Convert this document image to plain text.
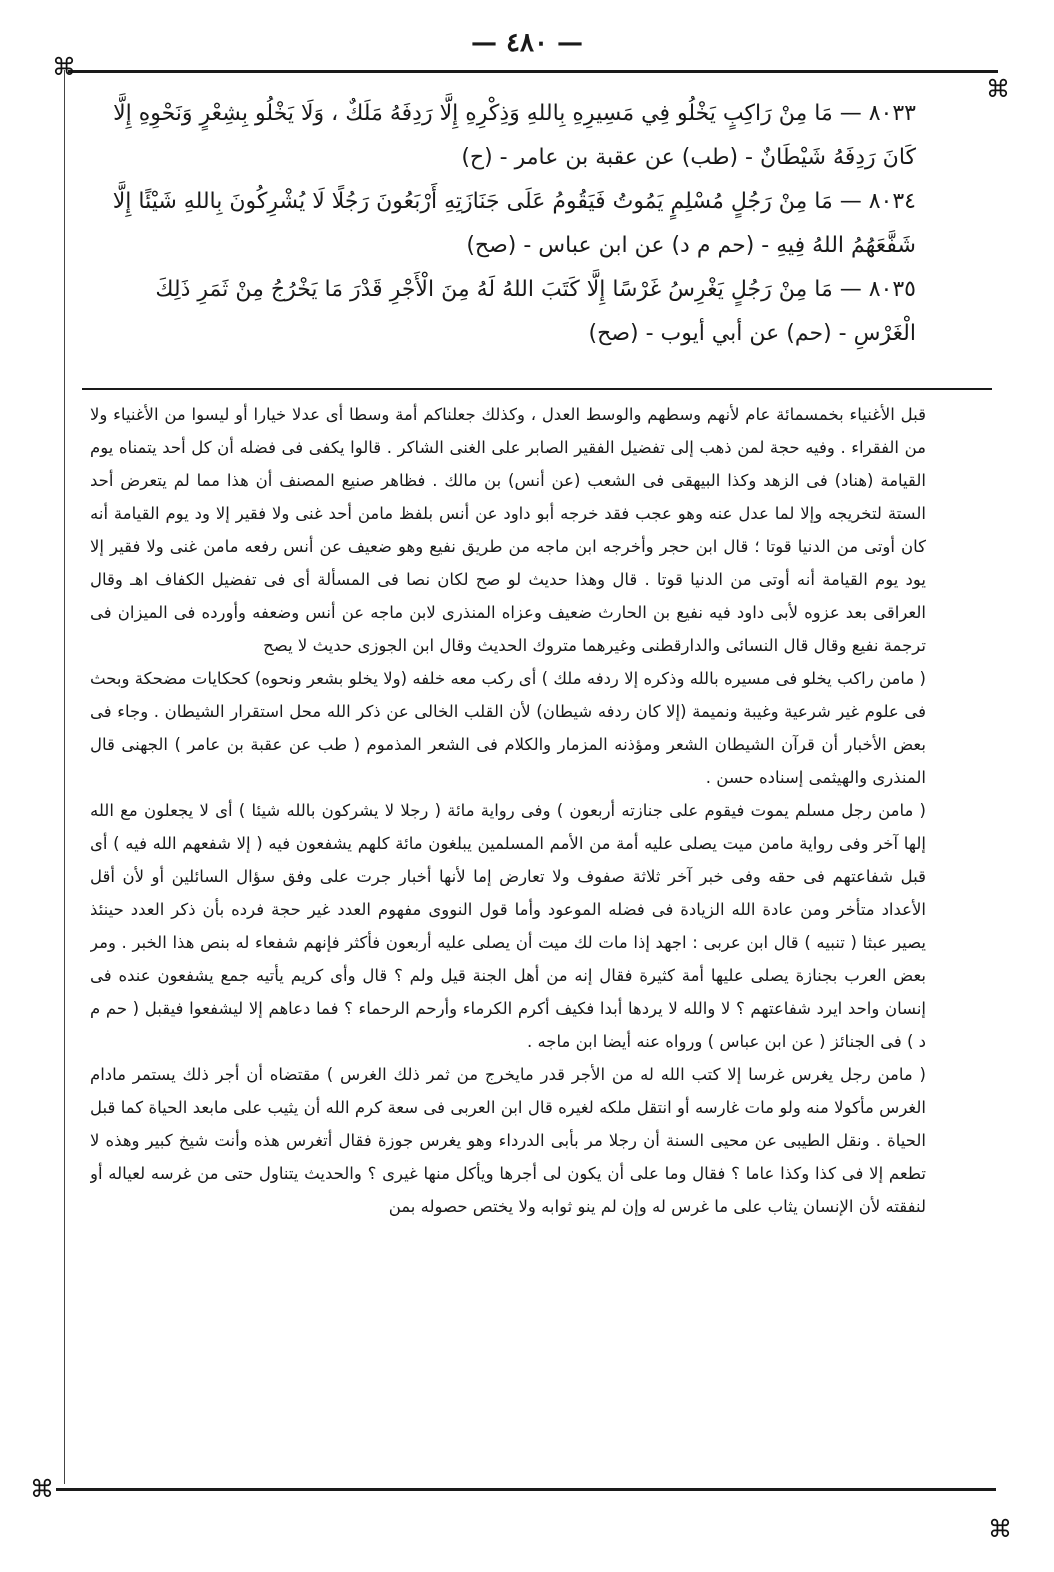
— ٤٨٠ —
⌘
⌘
⌘
⌘

٨٠٣٣ — مَا مِنْ رَاكِبٍ يَخْلُو فِي مَسِيرِهِ بِاللهِ وَذِكْرِهِ إِلَّا رَدِفَهُ مَلَكٌ ، وَلَا يَخْلُو بِشِعْرٍ وَنَحْوِهِ إِلَّا كَانَ رَدِفَهُ شَيْطَانٌ - (طب) عن عقبة بن عامر - (ح)

٨٠٣٤ — مَا مِنْ رَجُلٍ مُسْلِمٍ يَمُوتُ فَيَقُومُ عَلَى جَنَازَتِهِ أَرْبَعُونَ رَجُلًا لَا يُشْرِكُونَ بِاللهِ شَيْئًا إِلَّا شَفَّعَهُمُ اللهُ فِيهِ - (حم م د) عن ابن عباس - (صح)

٨٠٣٥ — مَا مِنْ رَجُلٍ يَغْرِسُ غَرْسًا إِلَّا كَتَبَ اللهُ لَهُ مِنَ الْأَجْرِ قَدْرَ مَا يَخْرُجُ مِنْ ثَمَرِ ذَلِكَ الْغَرْسِ - (حم) عن أبي أيوب - (صح)

قبل الأغنياء بخمسمائة عام لأنهم وسطهم والوسط العدل ، وكذلك جعلناكم أمة وسطا أى عدلا خيارا أو ليسوا من الأغنياء ولا من الفقراء . وفيه حجة لمن ذهب إلى تفضيل الفقير الصابر على الغنى الشاكر . قالوا يكفى فى فضله أن كل أحد يتمناه يوم القيامة (هناد) فى الزهد وكذا البيهقى فى الشعب (عن أنس) بن مالك . فظاهر صنيع المصنف أن هذا مما لم يتعرض أحد الستة لتخريجه وإلا لما عدل عنه وهو عجب فقد خرجه أبو داود عن أنس بلفظ مامن أحد غنى ولا فقير إلا ود يوم القيامة أنه كان أوتى من الدنيا قوتا ؛ قال ابن حجر وأخرجه ابن ماجه من طريق نفيع وهو ضعيف عن أنس رفعه مامن غنى ولا فقير إلا يود يوم القيامة أنه أوتى من الدنيا قوتا . قال وهذا حديث لو صح لكان نصا فى المسألة أى فى تفضيل الكفاف اهـ وقال العراقى بعد عزوه لأبى داود فيه نفيع بن الحارث ضعيف وعزاه المنذرى لابن ماجه عن أنس وضعفه وأورده فى الميزان فى ترجمة نفيع وقال قال النسائى والدارقطنى وغيرهما متروك الحديث وقال ابن الجوزى حديث لا يصح

( مامن راكب يخلو فى مسيره بالله وذكره إلا ردفه ملك ) أى ركب معه خلفه (ولا يخلو بشعر ونحوه) كحكايات مضحكة وبحث فى علوم غير شرعية وغيبة ونميمة (إلا كان ردفه شيطان) لأن القلب الخالى عن ذكر الله محل استقرار الشيطان . وجاء فى بعض الأخبار أن قرآن الشيطان الشعر ومؤذنه المزمار والكلام فى الشعر المذموم ( طب عن عقبة بن عامر ) الجهنى قال المنذرى والهيثمى إسناده حسن .

( مامن رجل مسلم يموت فيقوم على جنازته أربعون ) وفى رواية مائة ( رجلا لا يشركون بالله شيئا ) أى لا يجعلون مع الله إلها آخر وفى رواية مامن ميت يصلى عليه أمة من الأمم المسلمين يبلغون مائة كلهم يشفعون فيه ( إلا شفعهم الله فيه ) أى قبل شفاعتهم فى حقه وفى خبر آخر ثلاثة صفوف ولا تعارض إما لأنها أخبار جرت على وفق سؤال السائلين أو لأن أقل الأعداد متأخر ومن عادة الله الزيادة فى فضله الموعود وأما قول النووى مفهوم العدد غير حجة فرده بأن ذكر العدد حينئذ يصير عبثا ( تنبيه ) قال ابن عربى : اجهد إذا مات لك ميت أن يصلى عليه أربعون فأكثر فإنهم شفعاء له بنص هذا الخبر . ومر بعض العرب بجنازة يصلى عليها أمة كثيرة فقال إنه من أهل الجنة قيل ولم ؟ قال وأى كريم يأتيه جمع يشفعون عنده فى إنسان واحد ايرد شفاعتهم ؟ لا والله لا يردها أبدا فكيف أكرم الكرماء وأرحم الرحماء ؟ فما دعاهم إلا ليشفعوا فيقبل ( حم م د ) فى الجنائز ( عن ابن عباس ) ورواه عنه أيضا ابن ماجه .

( مامن رجل يغرس غرسا إلا كتب الله له من الأجر قدر مايخرج من ثمر ذلك الغرس ) مقتضاه أن أجر ذلك يستمر مادام الغرس مأكولا منه ولو مات غارسه أو انتقل ملكه لغيره قال ابن العربى فى سعة كرم الله أن يثيب على مابعد الحياة كما قبل الحياة . ونقل الطيبى عن محيى السنة أن رجلا مر بأبى الدرداء وهو يغرس جوزة فقال أتغرس هذه وأنت شيخ كبير وهذه لا تطعم إلا فى كذا وكذا عاما ؟ فقال وما على أن يكون لى أجرها ويأكل منها غيرى ؟ والحديث يتناول حتى من غرسه لعياله أو لنفقته لأن الإنسان يثاب على ما غرس له وإن لم ينو ثوابه ولا يختص حصوله بمن
